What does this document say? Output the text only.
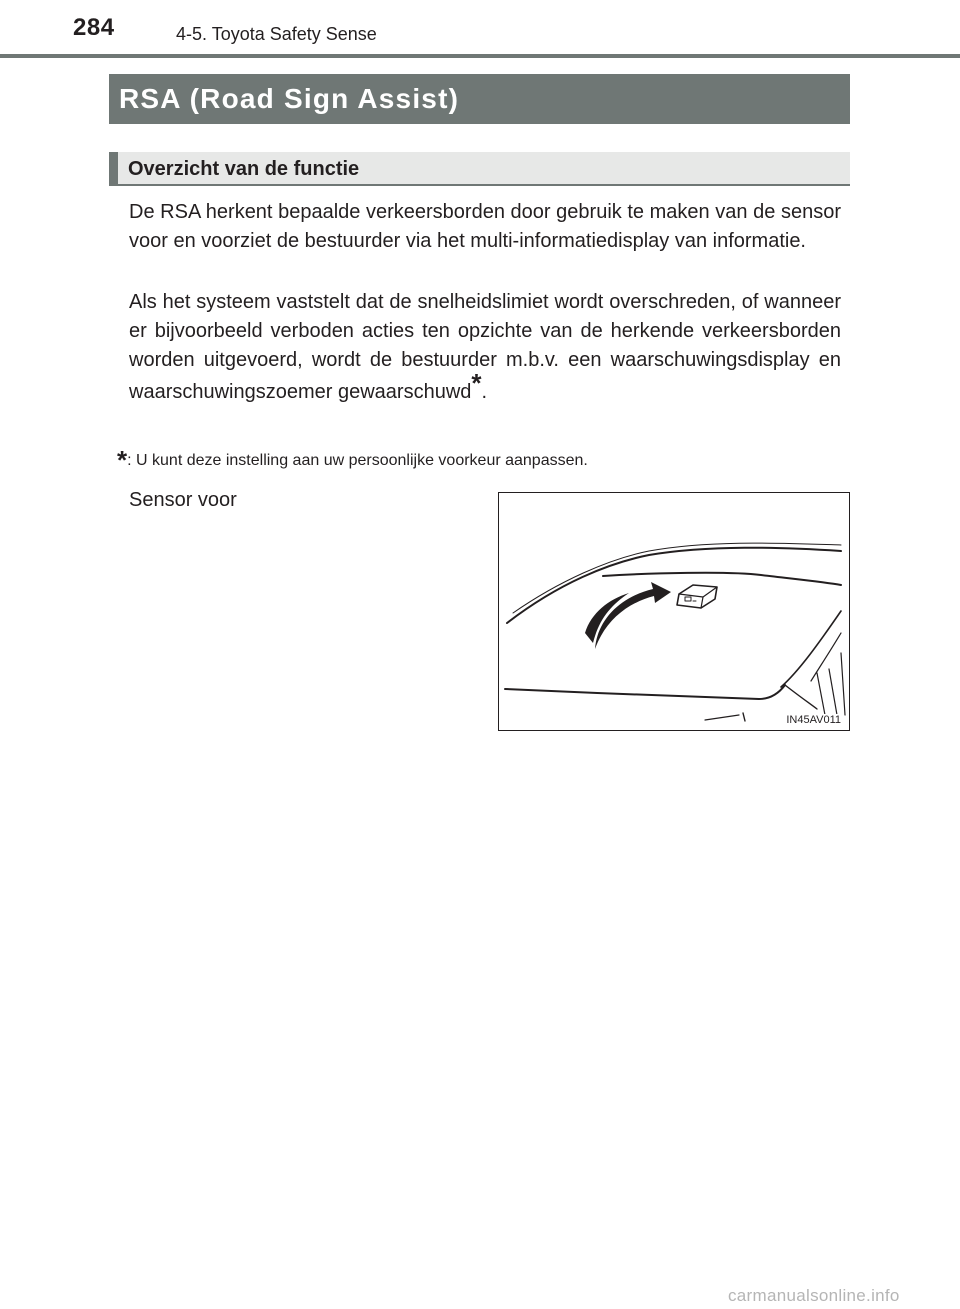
284	4-5. Toyota Safety Sense
RSA (Road Sign Assist)
Overzicht van de functie

De RSA herkent bepaalde verkeersborden door gebruik te maken van de sensor voor en voorziet de bestuurder via het multi-informatiedisplay van informatie.

Als het systeem vaststelt dat de snelheidslimiet wordt overschreden, of wanneer er bijvoorbeeld verboden acties ten opzichte van de herkende verkeersborden worden uitgevoerd, wordt de bestuurder m.b.v. een waarschuwingsdisplay en waarschuwingszoemer gewaarschuwd*.

*: U kunt deze instelling aan uw persoonlijke voorkeur aanpassen.
Sensor voor
IN45AV011
carmanualsonline.info
